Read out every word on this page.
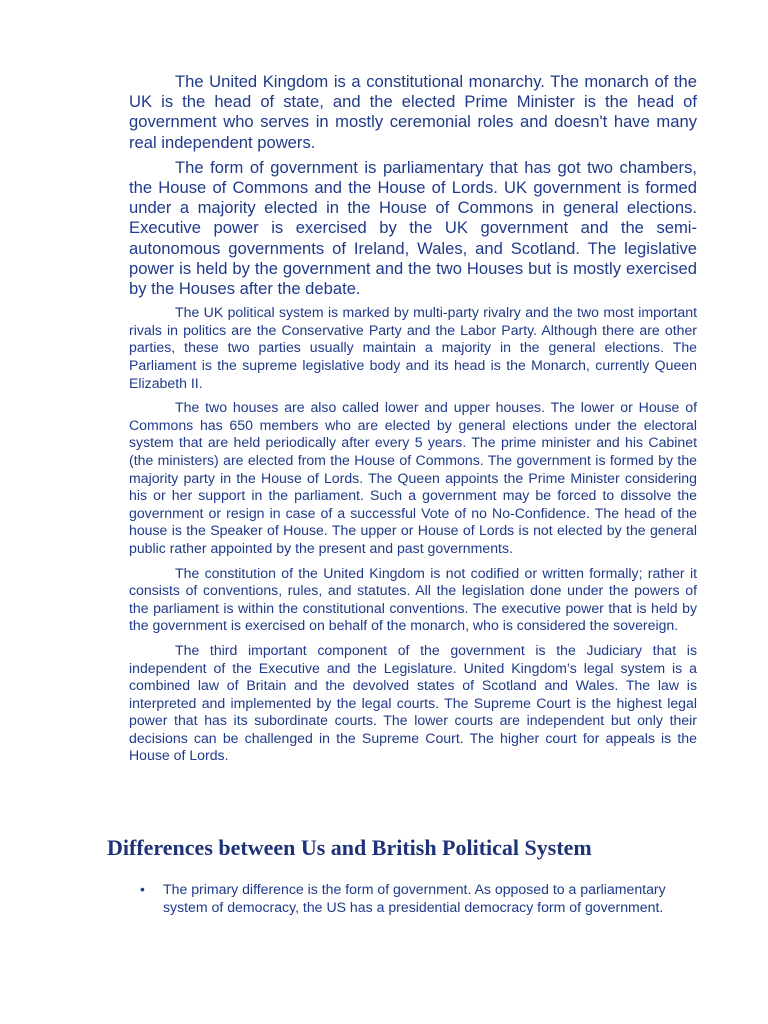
The United Kingdom is a constitutional monarchy. The monarch of the UK is the head of state, and the elected Prime Minister is the head of government who serves in mostly ceremonial roles and doesn't have many real independent powers.

The form of government is parliamentary that has got two chambers, the House of Commons and the House of Lords. UK government is formed under a majority elected in the House of Commons in general elections. Executive power is exercised by the UK government and the semi-autonomous governments of Ireland, Wales, and Scotland. The legislative power is held by the government and the two Houses but is mostly exercised by the Houses after the debate.

The UK political system is marked by multi-party rivalry and the two most important rivals in politics are the Conservative Party and the Labor Party. Although there are other parties, these two parties usually maintain a majority in the general elections. The Parliament is the supreme legislative body and its head is the Monarch, currently Queen Elizabeth II.

The two houses are also called lower and upper houses. The lower or House of Commons has 650 members who are elected by general elections under the electoral system that are held periodically after every 5 years. The prime minister and his Cabinet (the ministers) are elected from the House of Commons. The government is formed by the majority party in the House of Lords. The Queen appoints the Prime Minister considering his or her support in the parliament. Such a government may be forced to dissolve the government or resign in case of a successful Vote of no No-Confidence. The head of the house is the Speaker of House. The upper or House of Lords is not elected by the general public rather appointed by the present and past governments.

The constitution of the United Kingdom is not codified or written formally; rather it consists of conventions, rules, and statutes. All the legislation done under the powers of the parliament is within the constitutional conventions. The executive power that is held by the government is exercised on behalf of the monarch, who is considered the sovereign.

The third important component of the government is the Judiciary that is independent of the Executive and the Legislature. United Kingdom’s legal system is a combined law of Britain and the devolved states of Scotland and Wales. The law is interpreted and implemented by the legal courts. The Supreme Court is the highest legal power that has its subordinate courts. The lower courts are independent but only their decisions can be challenged in the Supreme Court. The higher court for appeals is the House of Lords.

Differences between Us and British Political System
•	The primary difference is the form of government. As opposed to a parliamentary system of democracy, the US has a presidential democracy form of government.
